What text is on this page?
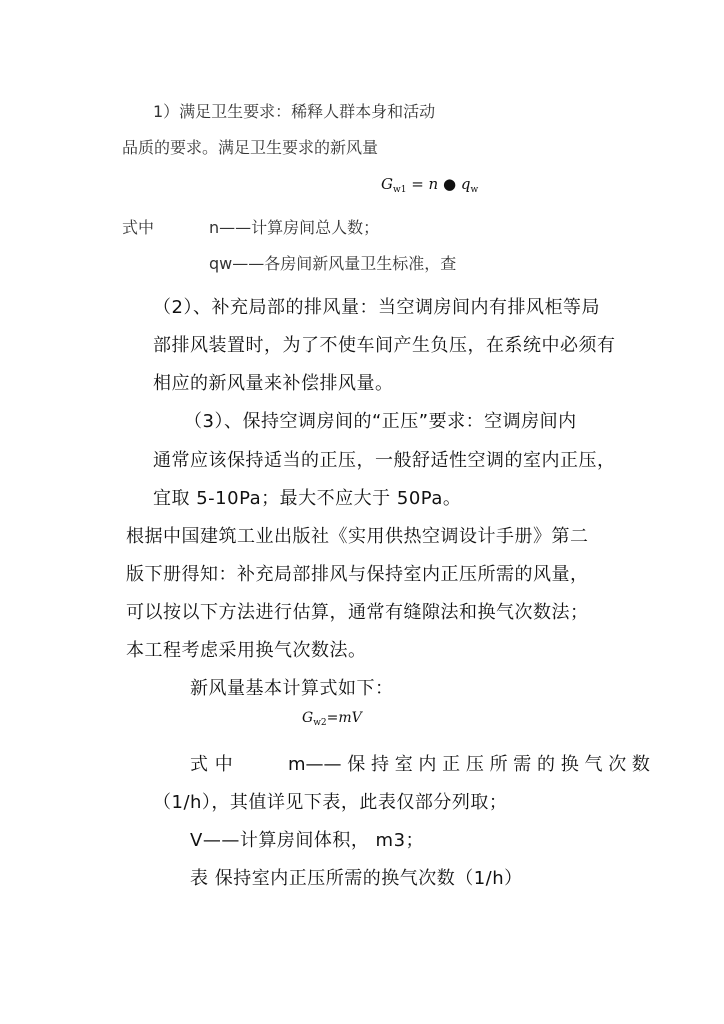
1）满足卫生要求：稀释人群本身和活动
品质的要求。满足卫生要求的新风量
$G_{w1} = n$ ● $q_w$
式中	n——计算房间总人数；
qw——各房间新风量卫生标准，查
（2）、补充局部的排风量：当空调房间内有排风柜等局
部排风装置时，为了不使车间产生负压，在系统中必须有
相应的新风量来补偿排风量。
（3）、保持空调房间的“正压”要求：空调房间内
通常应该保持适当的正压，一般舒适性空调的室内正压，
宜取 5-10Pa；最大不应大于 50Pa。
根据中国建筑工业出版社《实用供热空调设计手册》第二
版下册得知：补充局部排风与保持室内正压所需的风量，
可以按以下方法进行估算，通常有缝隙法和换气次数法；
本工程考虑采用换气次数法。
新风量基本计算式如下：
$G_{w2}=mV$
式 中	m—— 保 持 室 内 正 压 所 需 的 换 气 次 数
（1/h），其值详见下表，此表仅部分列取；
V——计算房间体积， m3；
表 保持室内正压所需的换气次数（1/h）
